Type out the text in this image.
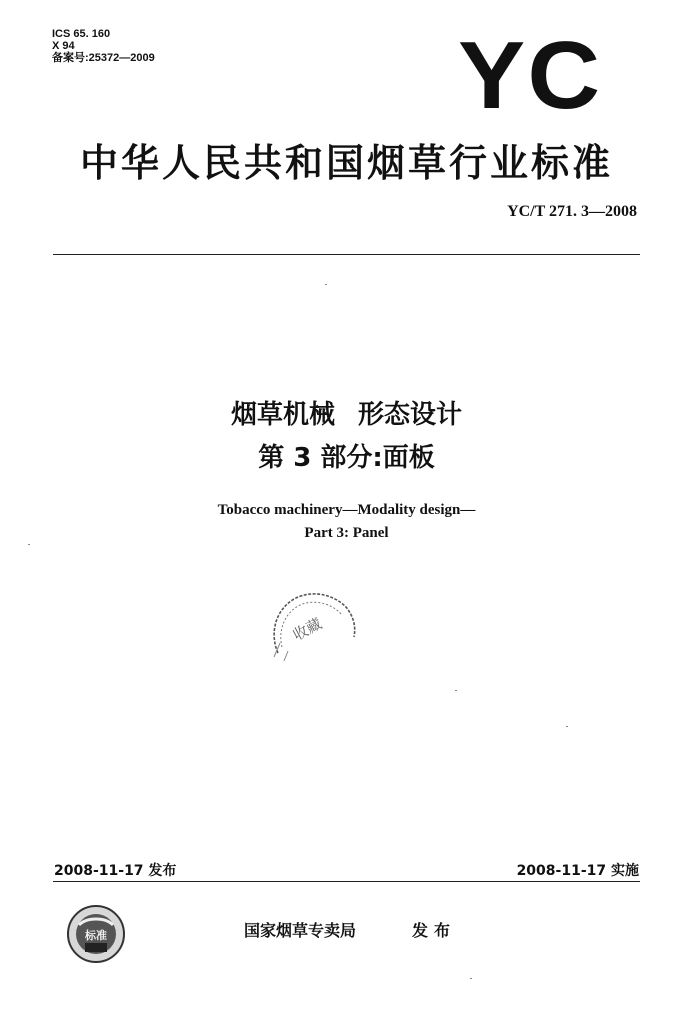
ICS 65. 160
X 94
备案号:25372—2009	YC
中华人民共和国烟草行业标准
YC/T 271. 3—2008
烟草机械 形态设计
第 3 部分:面板
Tobacco machinery—Modality design—
Part 3: Panel
收藏
2008-11-17 发布	2008-11-17 实施
标准	国家烟草专卖局	发布
